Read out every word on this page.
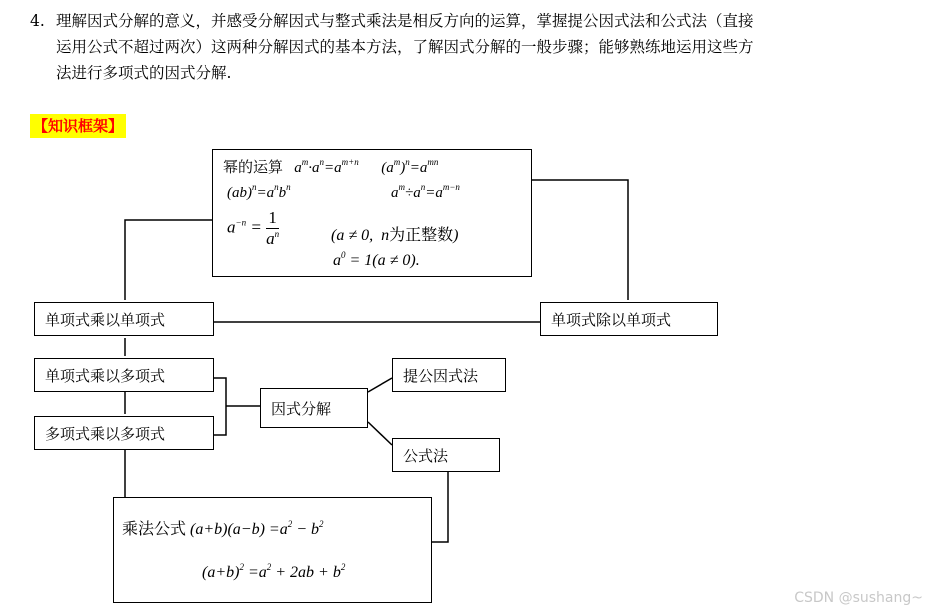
4. 理解因式分解的意义，并感受分解因式与整式乘法是相反方向的运算，掌握提公因式法和公式法（直接
运用公式不超过两次）这两种分解因式的基本方法，了解因式分解的一般步骤；能够熟练地运用这些方
法进行多项式的因式分解.
【知识框架】
幂的运算 $a^m\cdot a^n=a^{m+n}$ $(a^m)^n=a^{mn}$
$(ab)^n=a^nb^n$	$a^m\div a^n=a^{m-n}$
$a^{-n} = \frac{1}{a^n}$	(a ≠ 0,  n为正整数)
$a^0 = 1(a \ne 0)$.
单项式乘以单项式	单项式除以单项式
单项式乘以多项式
多项式乘以多项式
因式分解
提公因式法
公式法
乘法公式 $(a+b)(a-b) =a^2 - b^2$
$(a+b)^2 =a^2 + 2ab + b^2$
CSDN @sushang~
